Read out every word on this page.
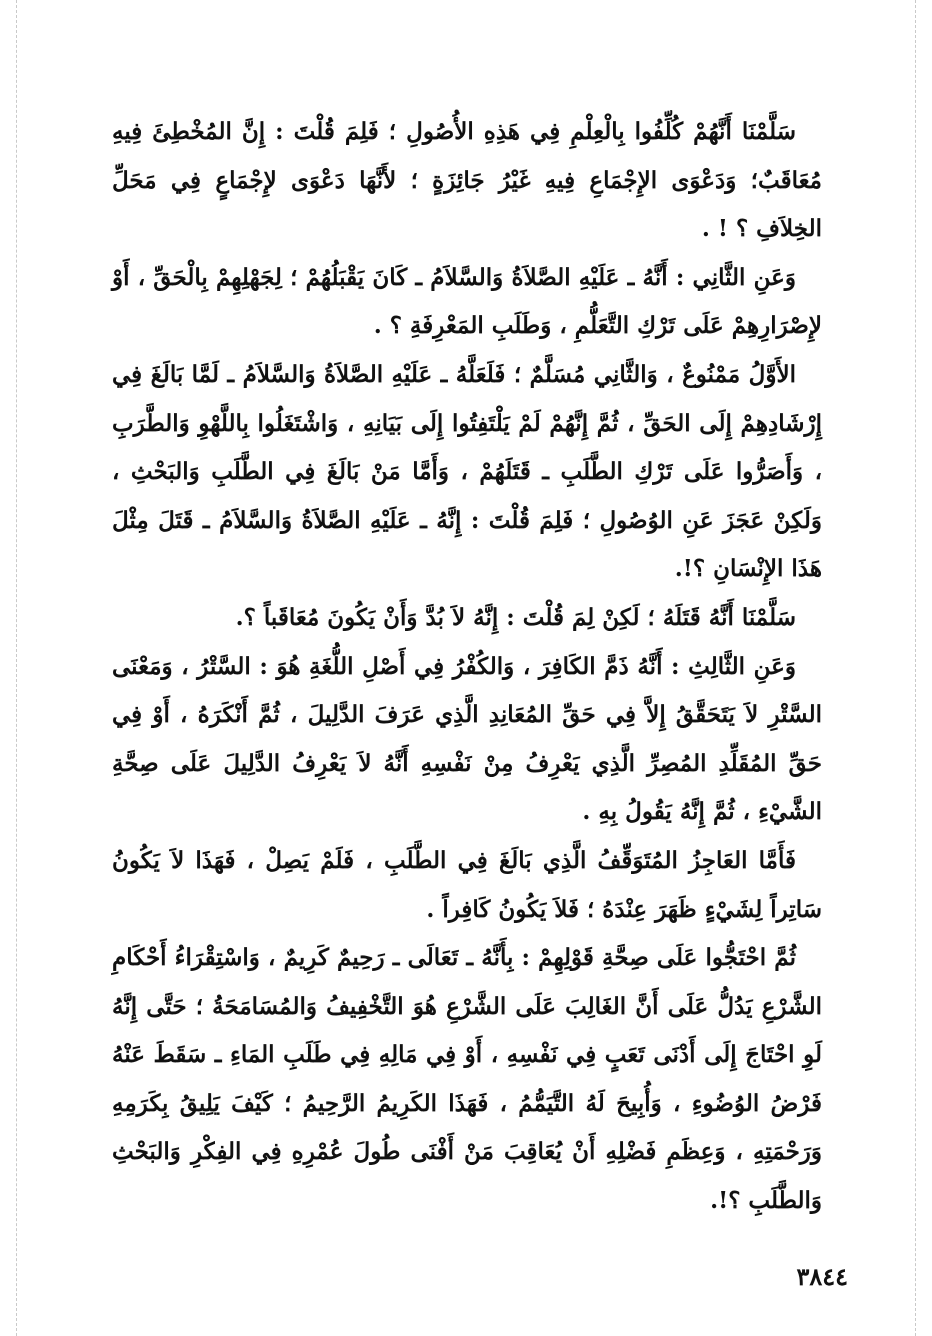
سَلَّمْنَا أَنَّهُمْ كُلِّفُوا بِالْعِلْمِ فِي هَذِهِ الأُصُولِ ؛ فَلِمَ قُلْتَ : إِنَّ المُخْطِئَ فِيهِ مُعَاقَبٌ؛ وَدَعْوَى الإِجْمَاعِ فِيهِ غَيْرُ جَائِزَةٍ ؛ لأَنَّهَا دَعْوَى لإِجْمَاعٍ فِي مَحَلِّ الخِلاَفِ ؟ ! .

وَعَنِ الثَّانِي : أَنَّهُ ـ عَلَيْهِ الصَّلاَةُ وَالسَّلاَمُ ـ كَانَ يَقْبَلُهُمْ ؛ لِجَهْلِهِمْ بِالْحَقِّ ، أَوْ لإِصْرَارِهِمْ عَلَى تَرْكِ التَّعَلُّمِ ، وَطَلَبِ المَعْرِفَةِ ؟ .

الأَوَّلُ مَمْنُوعٌ ، وَالثَّانِي مُسَلَّمٌ ؛ فَلَعَلَّهُ ـ عَلَيْهِ الصَّلاَةُ وَالسَّلاَمُ ـ لَمَّا بَالَغَ فِي إِرْشَادِهِمْ إِلَى الحَقِّ ، ثُمَّ إِنَّهُمْ لَمْ يَلْتَفِتُوا إِلَى بَيَانِهِ ، وَاشْتَغَلُوا بِاللَّهْوِ وَالطَّرَبِ ، وَأَصَرُّوا عَلَى تَرْكِ الطَّلَبِ ـ قَتَلَهُمْ ، وَأَمَّا مَنْ بَالَغَ فِي الطَّلَبِ وَالبَحْثِ ، وَلَكِنْ عَجَزَ عَنِ الوُصُولِ ؛ فَلِمَ قُلْتَ : إِنَّهُ ـ عَلَيْهِ الصَّلاَةُ وَالسَّلاَمُ ـ قَتَلَ مِثْلَ هَذَا الإِنْسَانِ ؟!.

سَلَّمْنَا أَنَّهُ قَتَلَهُ ؛ لَكِنْ لِمَ قُلْتَ : إِنَّهُ لاَ بُدَّ وَأَنْ يَكُونَ مُعَاقَباً ؟.

وَعَنِ الثَّالِثِ : أَنَّهُ ذَمَّ الكَافِرَ ، وَالكُفْرُ فِي أَصْلِ اللُّغَةِ هُوَ : السَّتْرُ ، وَمَعْنَى السَّتْرِ لاَ يَتَحَقَّقُ إِلاَّ فِي حَقِّ المُعَانِدِ الَّذِي عَرَفَ الدَّلِيلَ ، ثُمَّ أَنْكَرَهُ ، أَوْ فِي حَقِّ المُقَلِّدِ المُصِرِّ الَّذِي يَعْرِفُ مِنْ نَفْسِهِ أَنَّهُ لاَ يَعْرِفُ الدَّلِيلَ عَلَى صِحَّةِ الشَّيْءِ ، ثُمَّ إِنَّهُ يَقُولُ بِهِ .

فَأَمَّا العَاجِزُ المُتَوَقِّفُ الَّذِي بَالَغَ فِي الطَّلَبِ ، فَلَمْ يَصِلْ ، فَهَذَا لاَ يَكُونُ سَاتِراً لِشَيْءٍ ظَهَرَ عِنْدَهُ ؛ فَلاَ يَكُونُ كَافِراً .

ثُمَّ احْتَجُّوا عَلَى صِحَّةِ قَوْلِهِمْ : بِأَنَّهُ ـ تَعَالَى ـ رَحِيمٌ كَرِيمٌ ، وَاسْتِقْرَاءُ أَحْكَامِ الشَّرْعِ يَدُلُّ عَلَى أَنَّ الغَالِبَ عَلَى الشَّرْعِ هُوَ التَّخْفِيفُ وَالمُسَامَحَةُ ؛ حَتَّى إِنَّهُ لَوِ احْتَاجَ إِلَى أَدْنَى تَعَبٍ فِي نَفْسِهِ ، أَوْ فِي مَالِهِ فِي طَلَبِ المَاءِ ـ سَقَطَ عَنْهُ فَرْضُ الوُضُوءِ ، وَأُبِيحَ لَهُ التَّيَمُّمُ ، فَهَذَا الكَرِيمُ الرَّحِيمُ ؛ كَيْفَ يَلِيقُ بِكَرَمِهِ وَرَحْمَتِهِ ، وَعِظَمِ فَضْلِهِ أَنْ يُعَاقِبَ مَنْ أَفْنَى طُولَ عُمْرِهِ فِي الفِكْرِ وَالبَحْثِ وَالطَّلَبِ ؟!.

٣٨٤٤
